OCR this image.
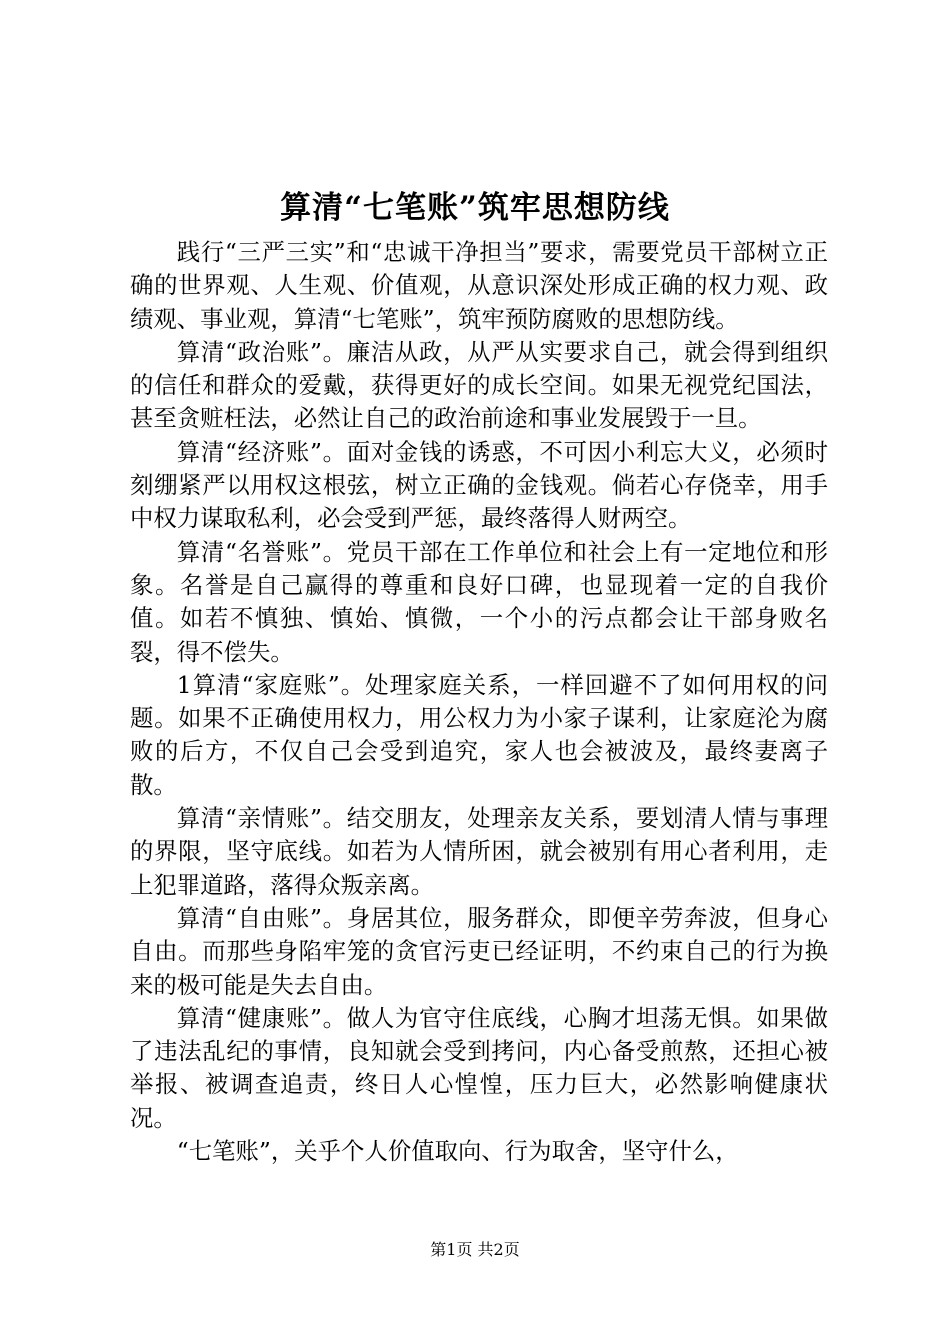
算清“七笔账”筑牢思想防线

践行“三严三实”和“忠诚干净担当”要求，需要党员干部树立正确的世界观、人生观、价值观，从意识深处形成正确的权力观、政绩观、事业观，算清“七笔账”，筑牢预防腐败的思想防线。

算清“政治账”。廉洁从政，从严从实要求自己，就会得到组织的信任和群众的爱戴，获得更好的成长空间。如果无视党纪国法，甚至贪赃枉法，必然让自己的政治前途和事业发展毁于一旦。

算清“经济账”。面对金钱的诱惑，不可因小利忘大义，必须时刻绷紧严以用权这根弦，树立正确的金钱观。倘若心存侥幸，用手中权力谋取私利，必会受到严惩，最终落得人财两空。

算清“名誉账”。党员干部在工作单位和社会上有一定地位和形象。名誉是自己赢得的尊重和良好口碑，也显现着一定的自我价值。如若不慎独、慎始、慎微，一个小的污点都会让干部身败名裂，得不偿失。

1算清“家庭账”。处理家庭关系，一样回避不了如何用权的问题。如果不正确使用权力，用公权力为小家子谋利，让家庭沦为腐败的后方，不仅自己会受到追究，家人也会被波及，最终妻离子散。

算清“亲情账”。结交朋友，处理亲友关系，要划清人情与事理的界限，坚守底线。如若为人情所困，就会被别有用心者利用，走上犯罪道路，落得众叛亲离。

算清“自由账”。身居其位，服务群众，即便辛劳奔波，但身心自由。而那些身陷牢笼的贪官污吏已经证明，不约束自己的行为换来的极可能是失去自由。

算清“健康账”。做人为官守住底线，心胸才坦荡无惧。如果做了违法乱纪的事情，良知就会受到拷问，内心备受煎熬，还担心被举报、被调查追责，终日人心惶惶，压力巨大，必然影响健康状况。

“七笔账”，关乎个人价值取向、行为取舍，坚守什么，

第1页 共2页
